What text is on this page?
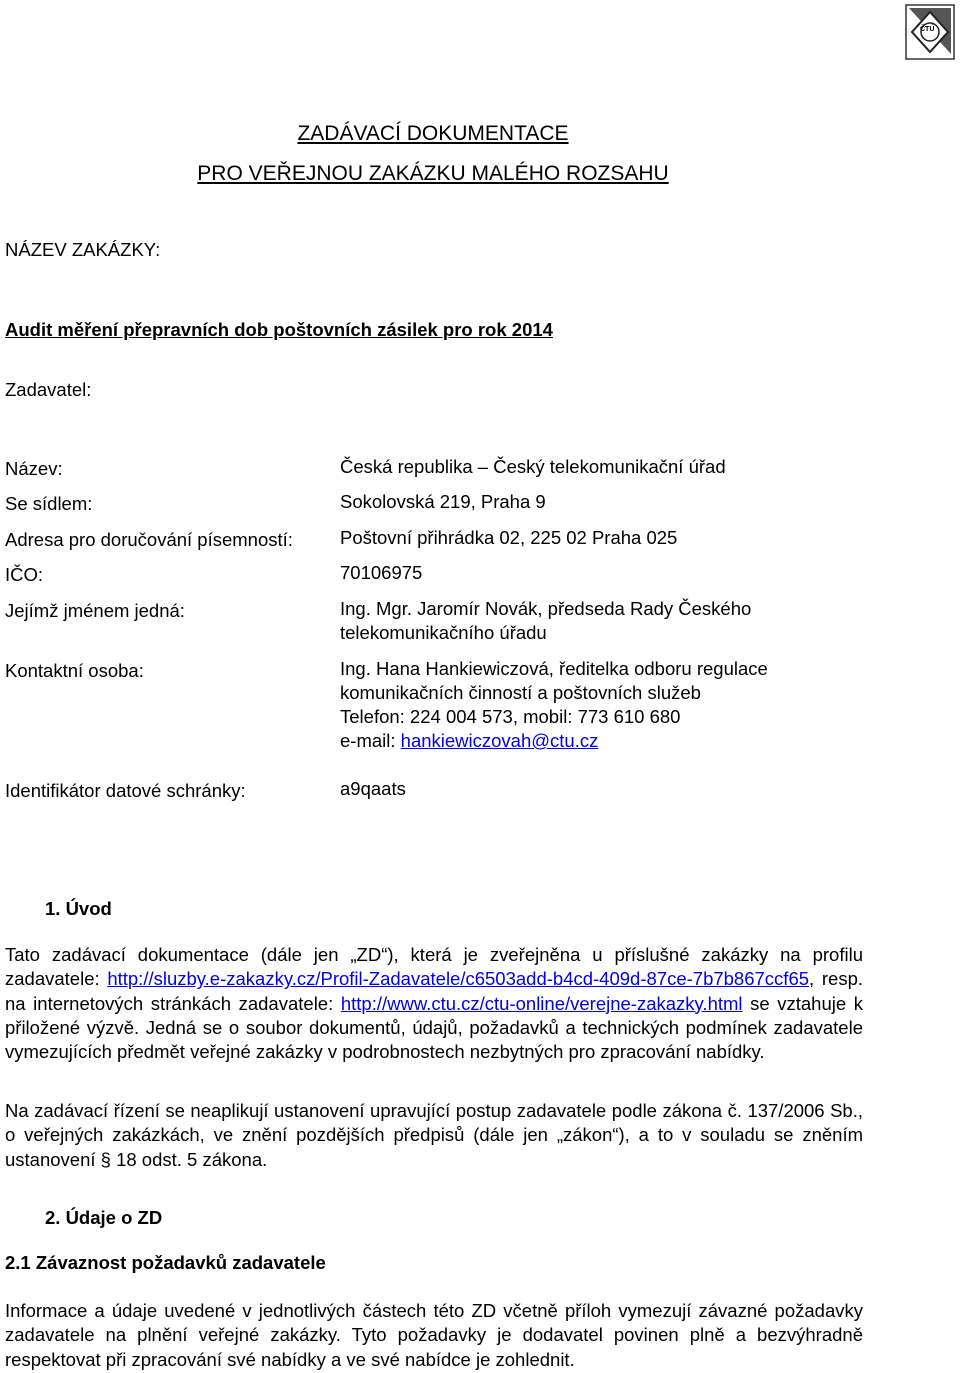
ČTÚ
ZADÁVACÍ DOKUMENTACE
PRO VEŘEJNOU ZAKÁZKU MALÉHO ROZSAHU
NÁZEV ZAKÁZKY:
Audit měření přepravních dob poštovních zásilek pro rok 2014
Zadavatel:
Název:	Česká republika – Český telekomunikační úřad
Se sídlem:	Sokolovská 219, Praha 9
Adresa pro doručování písemností:	Poštovní přihrádka 02, 225 02 Praha 025
IČO:	70106975
Jejímž jménem jedná:	Ing. Mgr. Jaromír Novák, předseda Rady Českého
telekomunikačního úřadu
Kontaktní osoba:	Ing. Hana Hankiewiczová, ředitelka odboru regulace
komunikačních činností a poštovních služeb
Telefon: 224 004 573, mobil: 773 610 680
e-mail: hankiewiczovah@ctu.cz
Identifikátor datové schránky:	a9qaats
1. Úvod
Tato zadávací dokumentace (dále jen „ZD“), která je zveřejněna u příslušné zakázky na profilu zadavatele: http://sluzby.e-zakazky.cz/Profil-Zadavatele/c6503add-b4cd-409d-87ce-7b7b867ccf65, resp. na internetových stránkách zadavatele: http://www.ctu.cz/ctu-online/verejne-zakazky.html se vztahuje k přiložené výzvě. Jedná se o soubor dokumentů, údajů, požadavků a technických podmínek zadavatele vymezujících předmět veřejné zakázky v podrobnostech nezbytných pro zpracování nabídky.
Na zadávací řízení se neaplikují ustanovení upravující postup zadavatele podle zákona č. 137/2006 Sb., o veřejných zakázkách, ve znění pozdějších předpisů (dále jen „zákon“), a to v souladu se zněním ustanovení § 18 odst. 5 zákona.
2. Údaje o ZD
2.1 Závaznost požadavků zadavatele
Informace a údaje uvedené v jednotlivých částech této ZD včetně příloh vymezují závazné požadavky zadavatele na plnění veřejné zakázky. Tyto požadavky je dodavatel povinen plně a bezvýhradně respektovat při zpracování své nabídky a ve své nabídce je zohlednit.
